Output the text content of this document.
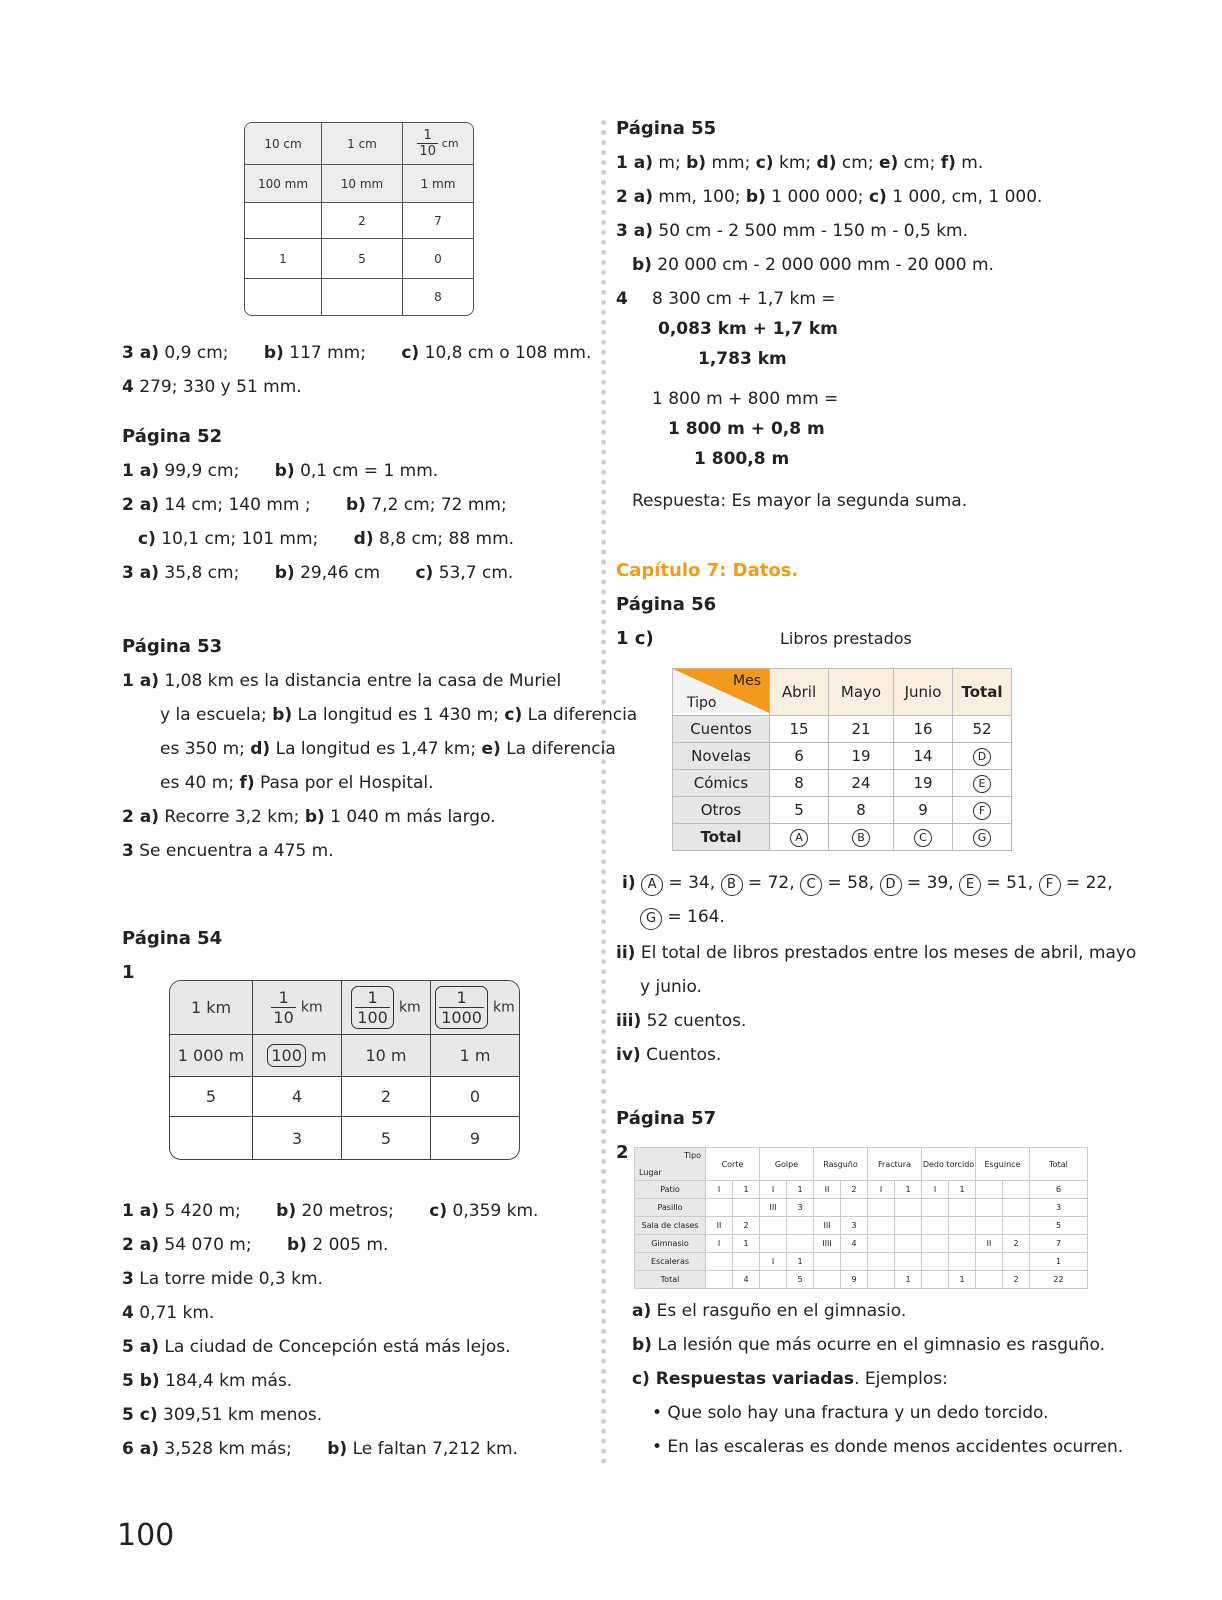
10 cm	1 cm	$\frac{1}{10}$ cm
100 mm	10 mm	1 mm
	2	7
1	5	0
		8
3 a) 0,9 cm; b) 117 mm; c) 10,8 cm o 108 mm.
4 279; 330 y 51 mm.
Página 52
1 a) 99,9 cm; b) 0,1 cm = 1 mm.
2 a) 14 cm; 140 mm ; b) 7,2 cm; 72 mm;
c) 10,1 cm; 101 mm; d) 8,8 cm; 88 mm.
3 a) 35,8 cm; b) 29,46 cm c) 53,7 cm.
Página 53
1 a) 1,08 km es la distancia entre la casa de Muriel
y la escuela; b) La longitud es 1 430 m; c) La diferencia
es 350 m; d) La longitud es 1,47 km; e) La diferencia
es 40 m; f) Pasa por el Hospital.
2 a) Recorre 3,2 km; b) 1 040 m más largo.
3 Se encuentra a 475 m.
Página 54
1
1 km	$\frac{1}{10}$ km	$\frac{1}{100}$ km	$\frac{1}{1000}$ km
1 000 m	100 m	10 m	1 m
5	4	2	0
	3	5	9
1 a) 5 420 m; b) 20 metros; c) 0,359 km.
2 a) 54 070 m; b) 2 005 m.
3 La torre mide 0,3 km.
4 0,71 km.
5 a) La ciudad de Concepción está más lejos.
5 b) 184,4 km más.
5 c) 309,51 km menos.
6 a) 3,528 km más; b) Le faltan 7,212 km.
Página 55
1 a) m; b) mm; c) km; d) cm; e) cm; f) m.
2 a) mm, 100; b) 1 000 000; c) 1 000, cm, 1 000.
3 a) 50 cm - 2 500 mm - 150 m - 0,5 km.
b) 20 000 cm - 2 000 000 mm - 20 000 m.
4 8 300 cm + 1,7 km =
0,083 km + 1,7 km
1,783 km
1 800 m + 800 mm =
1 800 m + 0,8 m
1 800,8 m
Respuesta: Es mayor la segunda suma.
Capítulo 7: Datos.
Página 56
1 c)	Libros prestados
Mes
Tipo	Abril	Mayo	Junio	Total
Cuentos	15	21	16	52
Novelas	6	19	14	D
Cómics	8	24	19	E
Otros	5	8	9	F
Total	A	B	C	G
i) A = 34, B = 72, C = 58, D = 39, E = 51, F = 22,
G = 164.
ii) El total de libros prestados entre los meses de abril, mayo
y junio.
iii) 52 cuentos.
iv) Cuentos.
Página 57
2	Tipo
Lugar	Corte		Golpe		Rasguño		Fractura		Dedo torcido		Esguince		Total
Patio	I	1	I	1	II	2	I	1	I	1			6
Pasillo			III	3									3
Sala de clases	II	2			III	3							5
Gimnasio	I	1			IIII	4					II	2	7
Escaleras			I	1									1
Total		4		5		9		1		1		2	22
a) Es el rasguño en el gimnasio.
b) La lesión que más ocurre en el gimnasio es rasguño.
c) Respuestas variadas. Ejemplos:
• Que solo hay una fractura y un dedo torcido.
• En las escaleras es donde menos accidentes ocurren.
100
